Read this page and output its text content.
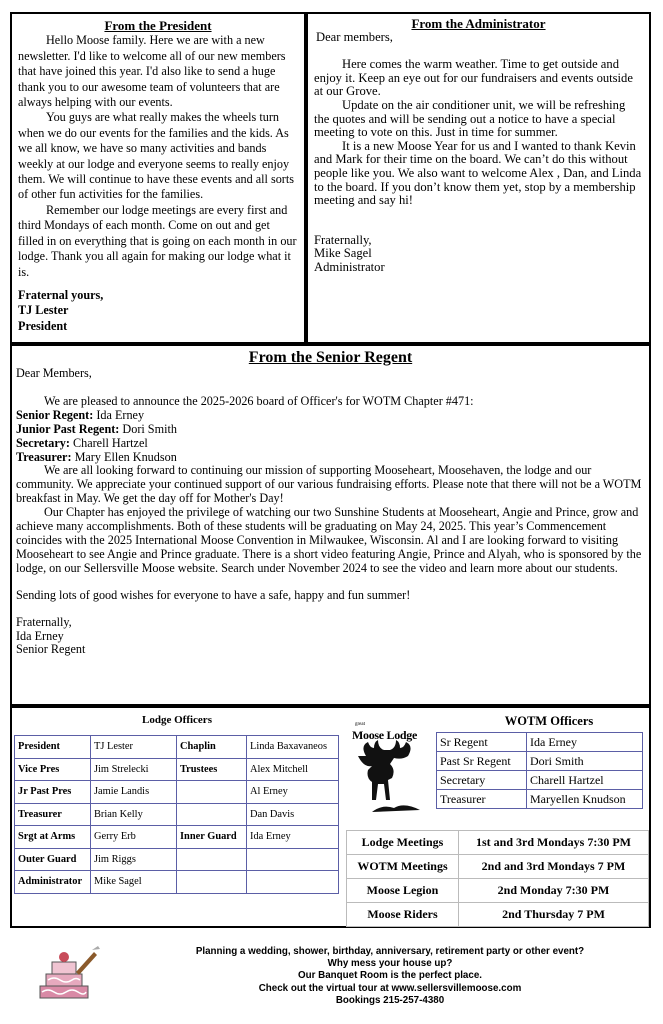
From the President

Hello Moose family. Here we are with a new newsletter. I'd like to welcome all of our new members that have joined this year. I'd also like to send a huge thank you to our awesome team of volunteers that are always helping with our events.

You guys are what really makes the wheels turn when we do our events for the families and the kids. As we all know, we have so many activities and bands weekly at our lodge and everyone seems to really enjoy them. We will continue to have these events and all sorts of other fun activities for the families.

Remember our lodge meetings are every first and third Mondays of each month. Come on out and get filled in on everything that is going on each month in our lodge. Thank you all again for making our lodge what it is.

Fraternal yours,

TJ Lester

President

From the Administrator

Dear members,

Here comes the warm weather. Time to get outside and enjoy it. Keep an eye out for our fundraisers and events outside at our Grove.

Update on the air conditioner unit, we will be refreshing the quotes and will be sending out a notice to have a special meeting to vote on this. Just in time for summer.

It is a new Moose Year for us and I wanted to thank Kevin and Mark for their time on the board. We can’t do this without people like you. We also want to welcome Alex , Dan, and Linda to the board. If you don’t know them yet, stop by a membership meeting and say hi!

Fraternally,

Mike Sagel

Administrator

From the Senior Regent

Dear Members,

We are pleased to announce the 2025-2026 board of Officer's for WOTM Chapter #471:

Senior Regent: Ida Erney

Junior Past Regent: Dori Smith

Secretary: Charell Hartzel

Treasurer: Mary Ellen Knudson

We are all looking forward to continuing our mission of supporting Mooseheart, Moosehaven, the lodge and our community. We appreciate your continued support of our various fundraising efforts. Please note that there will not be a WOTM breakfast in May. We get the day off for Mother's Day!

Our Chapter has enjoyed the privilege of watching our two Sunshine Students at Mooseheart, Angie and Prince, grow and achieve many accomplishments. Both of these students will be graduating on May 24, 2025. This year’s Commencement coincides with the 2025 International Moose Convention in Milwaukee, Wisconsin. Al and I are looking forward to visiting Mooseheart to see Angie and Prince graduate. There is a short video featuring Angie, Prince and Alyah, who is sponsored by the lodge, on our Sellersville Moose website. Search under November 2024 to see the video and learn more about our students.

Sending lots of good wishes for everyone to have a safe, happy and fun summer!

Fraternally,

Ida Erney

Senior Regent

Lodge Officers
President	TJ Lester	Chaplin	Linda Baxavaneos
Vice Pres	Jim Strelecki	Trustees	Alex Mitchell
Jr Past Pres	Jamie Landis		Al Erney
Treasurer	Brian Kelly		Dan Davis
Srgt at Arms	Gerry Erb	Inner Guard	Ida Erney
Outer Guard	Jim Riggs		
Administrator	Mike Sagel		
great
Moose Lodge
WOTM Officers
Sr Regent	Ida Erney
Past Sr Regent	Dori Smith
Secretary	Charell Hartzel
Treasurer	Maryellen Knudson
Lodge Meetings	1st and 3rd Mondays 7:30 PM
WOTM Meetings	2nd and 3rd Mondays 7 PM
Moose Legion	2nd Monday 7:30 PM
Moose Riders	2nd Thursday 7 PM
Planning a wedding, shower, birthday, anniversary, retirement party or other event?
Why mess your house up?
Our Banquet Room is the perfect place.
Check out the virtual tour at www.sellersvillemoose.com
Bookings 215-257-4380
